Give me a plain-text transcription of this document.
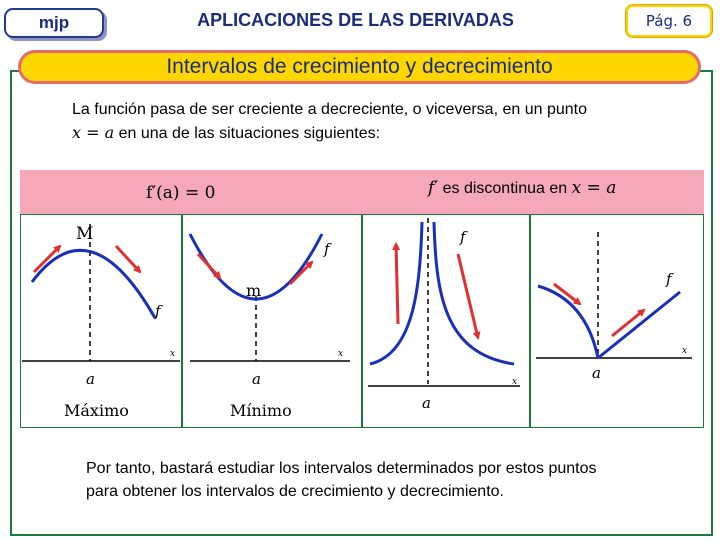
mjp	APLICACIONES DE LAS DERIVADAS	Pág. 6
Intervalos de crecimiento y decrecimiento
La función pasa de ser creciente a decreciente, o viceversa, en un punto
x = a en una de las situaciones siguientes:
f′(a) = 0	f′ es discontinua en x = a
M
f
x
a
Máximo
m
f
x
a
Mínimo
f
x
a
f
x
a
Por tanto, bastará estudiar los intervalos determinados por estos puntos
para obtener los intervalos de crecimiento y decrecimiento.
